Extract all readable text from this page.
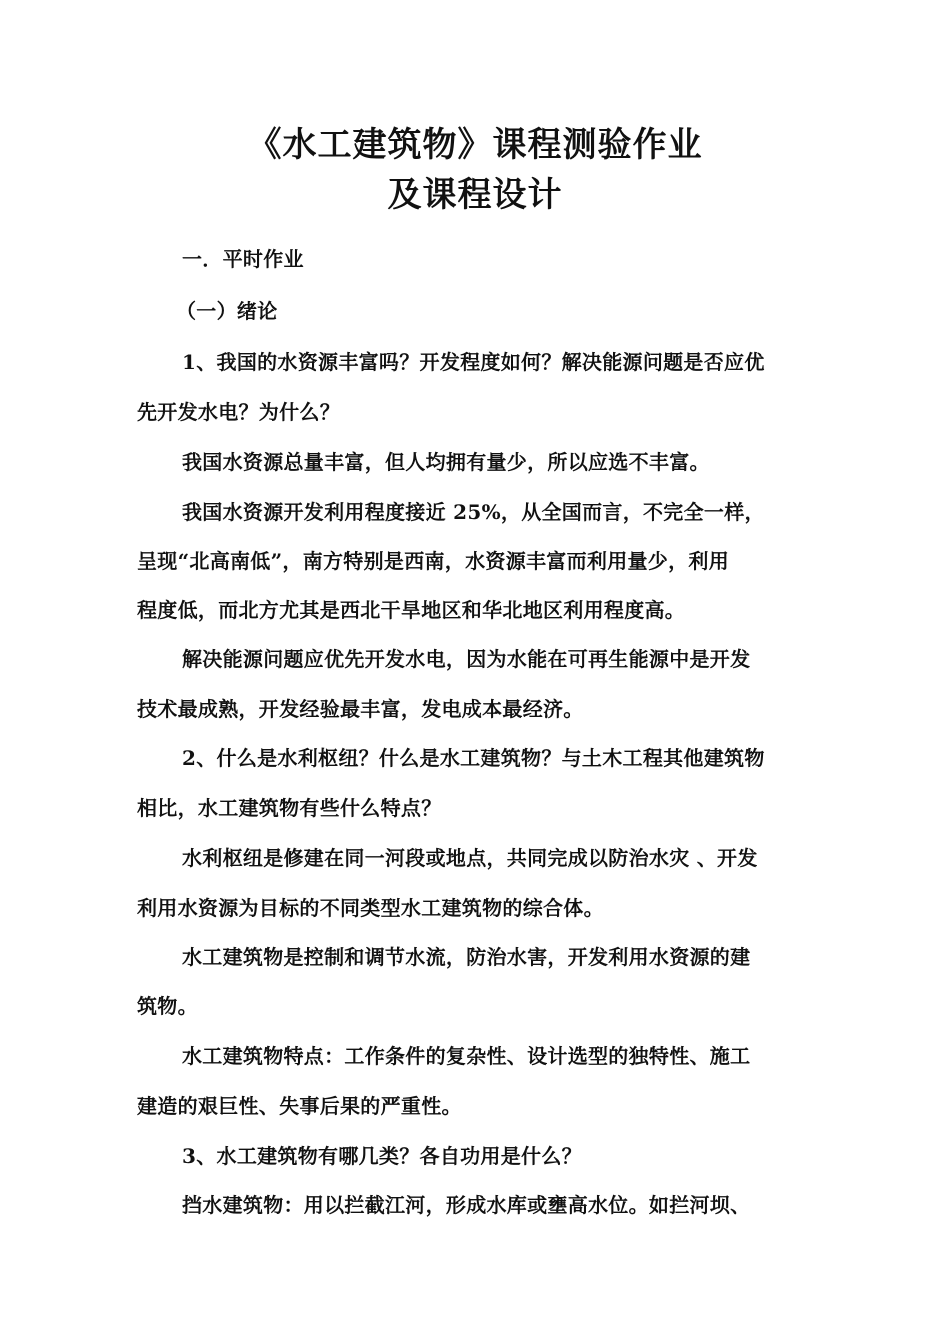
《水工建筑物》课程测验作业
及课程设计
一．平时作业
（一）绪论
1、我国的水资源丰富吗？开发程度如何？解决能源问题是否应优
先开发水电？为什么？
我国水资源总量丰富，但人均拥有量少，所以应选不丰富。
我国水资源开发利用程度接近 25%，从全国而言，不完全一样，
呈现“北高南低”，南方特别是西南，水资源丰富而利用量少，利用
程度低，而北方尤其是西北干旱地区和华北地区利用程度高。
解决能源问题应优先开发水电，因为水能在可再生能源中是开发
技术最成熟，开发经验最丰富，发电成本最经济。
2、什么是水利枢纽？什么是水工建筑物？与土木工程其他建筑物
相比，水工建筑物有些什么特点？
水利枢纽是修建在同一河段或地点，共同完成以防治水灾 、开发
利用水资源为目标的不同类型水工建筑物的综合体。
水工建筑物是控制和调节水流，防治水害，开发利用水资源的建
筑物。
水工建筑物特点：工作条件的复杂性、设计选型的独特性、施工
建造的艰巨性、失事后果的严重性。
3、水工建筑物有哪几类？各自功用是什么？
挡水建筑物：用以拦截江河，形成水库或壅高水位。如拦河坝、
